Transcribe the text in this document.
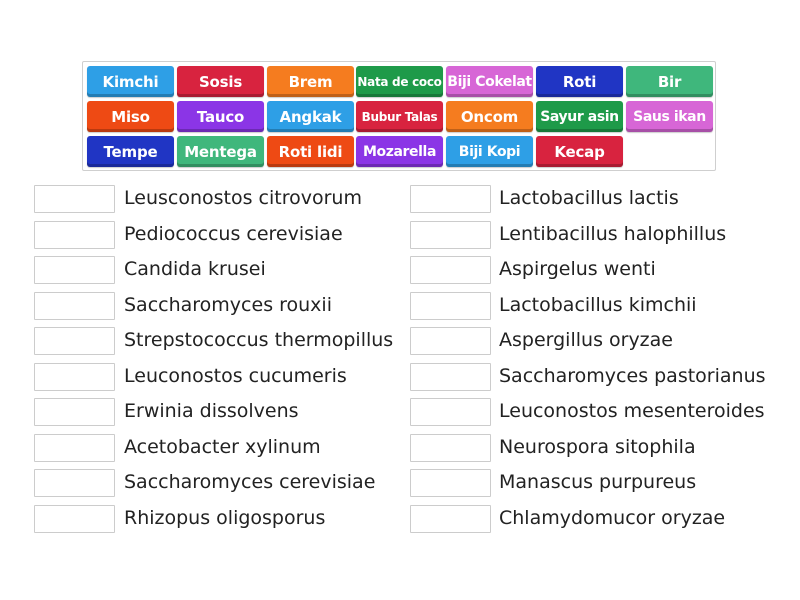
Kimchi	Sosis	Brem	Nata de coco Biji Cokelat	Roti	Bir
Miso	Tauco	Angkak	Bubur Talas	Oncom	Sayur asin	Saus ikan
Tempe	Mentega	Roti lidi	Mozarella	Biji Kopi	Kecap
Leusconostos citrovorum
Pediococcus cerevisiae
Candida krusei
Saccharomyces rouxii
Strepstococcus thermopillus
Leuconostos cucumeris
Erwinia dissolvens
Acetobacter xylinum
Saccharomyces cerevisiae
Rhizopus oligosporus
Lactobacillus lactis
Lentibacillus halophillus
Aspirgelus wenti
Lactobacillus kimchii
Aspergillus oryzae
Saccharomyces pastorianus
Leuconostos mesenteroides
Neurospora sitophila
Manascus purpureus
Chlamydomucor oryzae
